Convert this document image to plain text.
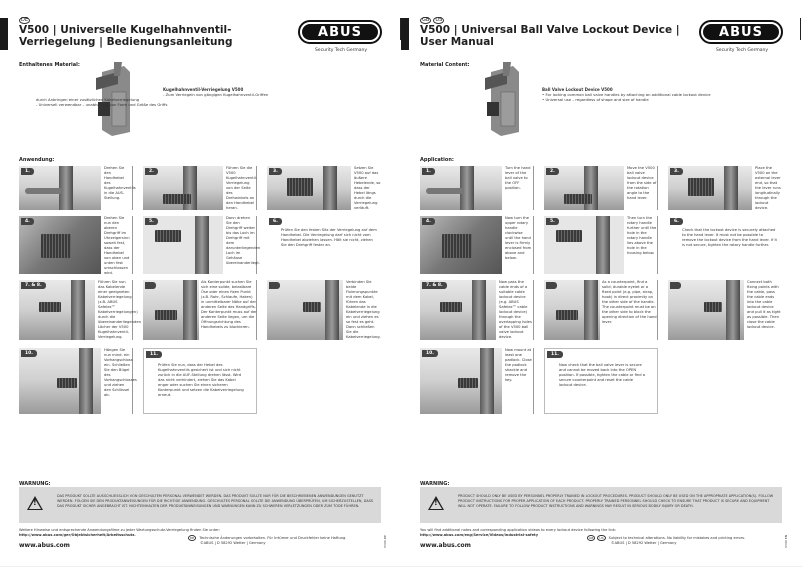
DE
V500 | Universelle Kugelhahnventil-Verriegelung | Bedienungsanleitung
ABUS
Security Tech Germany
Enthaltenes Material:
Kugelhahnventil-Verriegelung V500
- Zum Verriegeln von gängigen Kugelhahnventil-Griffen
durch Anbringen einer zusätzlichen Kabelverriegelung
- Universell verwendbar – unabhängig von Form und Größe des Griffs
Anwendung:
1.
Drehen Sie den Handhebel des Kugelhahnventils in die AUS-Stellung.
2.
Führen Sie die V500 Kugelhahnventil-Verriegelung von der Seite des Drehwinkels an den Handhebel heran.
3.
Setzen Sie V500 auf das äußere Hebelende, so dass der Hebel längs durch die Verriegelung verläuft.
4.
Drehen Sie nun den oberen Drehgriff im Uhrzeigersinn soweit fest, dass der Handhebel von oben und unten fest umschlossen wird.
5.
Dann drehen Sie den Drehgriff weiter bis das Loch im Drehgriff mit dem darunterliegenden Loch im Gehäuse übereinanderliegt.
6.
Prüfen Sie den festen Sitz der Verriegelung auf dem Handhebel. Die Verriegelung darf sich nicht vom Handhebel abziehen lassen. Hält sie nicht, ziehen Sie den Drehgriff fester an.
7. & 8.
Führen Sie nun das Kabelende einer geeigneten Kabelverriegelung (z.B. ABUS Safelex™ Kabelverriegelungen) durch die übereinanderliegenden Löcher der V500 Kugelhahnventil-Verriegelung.

Als Konterpunkt suchen Sie sich eine solide, belastbare Öse oder einen fixen Punkt (z.B. Rohr, Schlaufe, Haken) in unmittelbarer Nähe auf der anderen Seite des Handgriffs. Der Konterpunkt muss auf der anderen Seite liegen, um die Öffnungsrichtung des Handhebels zu blockieren.

Verbinden Sie beide Fixierungspunkte mit dem Kabel, führen das Kabelende in die Kabelverriegelung ein und ziehen es so fest es geht. Dann schließen Sie die Kabelverriegelung.
10.
Hängen Sie nun mind. ein Vorhangschloss ein. Schließen Sie den Bügel des Vorhangschlosses und ziehen den Schlüssel ab.
11.
Prüfen Sie nun, dass der Hebel des Kugelhahnventils gesichert ist und sich nicht zurück in die AUF-Stellung drehen lässt. Wird das nicht verhindert, ziehen Sie das Kabel enger oder suchen Sie einen sicheren Konterpunkt und setzen die Kabelverriegelung erneut.
WARNUNG:
!
DAS PRODUKT SOLLTE AUSSCHLIESSLICH VON GESCHULTEM PERSONAL VERWENDET WERDEN. DAS PRODUKT SOLLTE NUR FÜR DIE BESCHRIEBENEN ANWENDUNGEN GENUTZT WERDEN. FOLGEN SIE DEN PRODUKTANWEISUNGEN FÜR DIE RICHTIGE ANWENDUNG. GESCHULTES PERSONAL SOLLTE DIE ANWENDUNG ÜBERPRÜFEN, UM SICHERZUSTELLEN, DASS DAS PRODUKT SICHER ANGEBRACHT IST. NICHTEINHALTEN DER PRODUKTANWEISUNGEN UND WARNUNGEN KANN ZU SCHWEREN VERLETZUNGEN ODER ZUM TODE FÜHREN.
Weitere Hinweise und entsprechende Anwendungsfilme zu jeder Wartungsschutz-Verriegelung finden Sie unter:
http://www.abus.com/ger/Objektsicherheit/Arbeitsschutz.
www.abus.com
DE Technische Änderungen vorbehalten. Für Irrtümer und Druckfehler keine Haftung.
©ABUS | D 58292 Wetter | Germany	V500 DE
GB	US
V500 | Universal Ball Valve Lockout Device | User Manual
ABUS
Security Tech Germany
Material Content:
Ball Valve Lockout Device V500
• For locking common ball valve handles by attaching an additional cable lockout device
• Universal use – regardless of shape and size of handle
Application:
1.
Turn the hand lever of the ball valve to the OFF position.
2.
Move the V500 ball valve lockout device from the side of the rotation angle to the hand lever.
3.
Place the V500 on the external lever end, so that the lever runs longitudinally through the lockout device.
4.
Now turn the upper rotary handle clockwise until the hand lever is firmly enclosed from above and below.
5.
Then turn the rotary handle further until the hole in the rotary handle lies above the hole in the housing below.
6.
Check that the lockout device is securely attached to the hand lever. It must not be possible to remove the lockout device from the hand lever. If it is not secure, tighten the rotary handle further.
7. & 8.
Now pass the cable ends of a suitable cable lockout device (e.g. ABUS Safelex™ cable lockout device) through the overlapping holes of the V500 ball valve lockout device.

As a counterpoint, find a solid, durable eyelet or a fixed point (e.g. pipe, strap, hook) in direct proximity on the other side of the handle. The counterpoint must be on the other side to block the opening direction of the hand lever.

Connect both fixing points with the cable, pass the cable ends into the cable lockout device and pull it as tight as possible. Then close the cable lockout device.
10.
Now mount at least one padlock. Close the padlock shackle and remove the key.
11.
Now check that the ball valve lever is secure and cannot be moved back into the OPEN position. If possible, tighten the cable or find a secure counterpoint and reset the cable lockout device.
WARNING:
!
PRODUCT SHOULD ONLY BE USED BY PERSONNEL PROPERLY TRAINED IN LOCKOUT PROCEDURES. PRODUCT SHOULD ONLY BE USED ON THE APPROPRIATE APPLICATION(S). FOLLOW PRODUCT INSTRUCTIONS FOR PROPER APPLICATION OF EACH PRODUCT. PROPERLY TRAINED PERSONNEL SHOULD CHECK TO ENSURE THAT PRODUCT IS SECURE AND EQUIPMENT WILL NOT OPERATE. FAILURE TO FOLLOW PRODUCT INSTRUCTIONS AND WARNINGS MAY RESULT IN SERIOUS BODILY INJURY OR DEATH.
You will find additional notes and corresponding application videos to every lockout device following the link:
http://www.abus.com/eng/Service/Videos/Industrial-safety
www.abus.com
GB US Subject to technical alterations. No liability for mistakes and printing errors.
©ABUS | D 58292 Wetter | Germany	V500 EN
